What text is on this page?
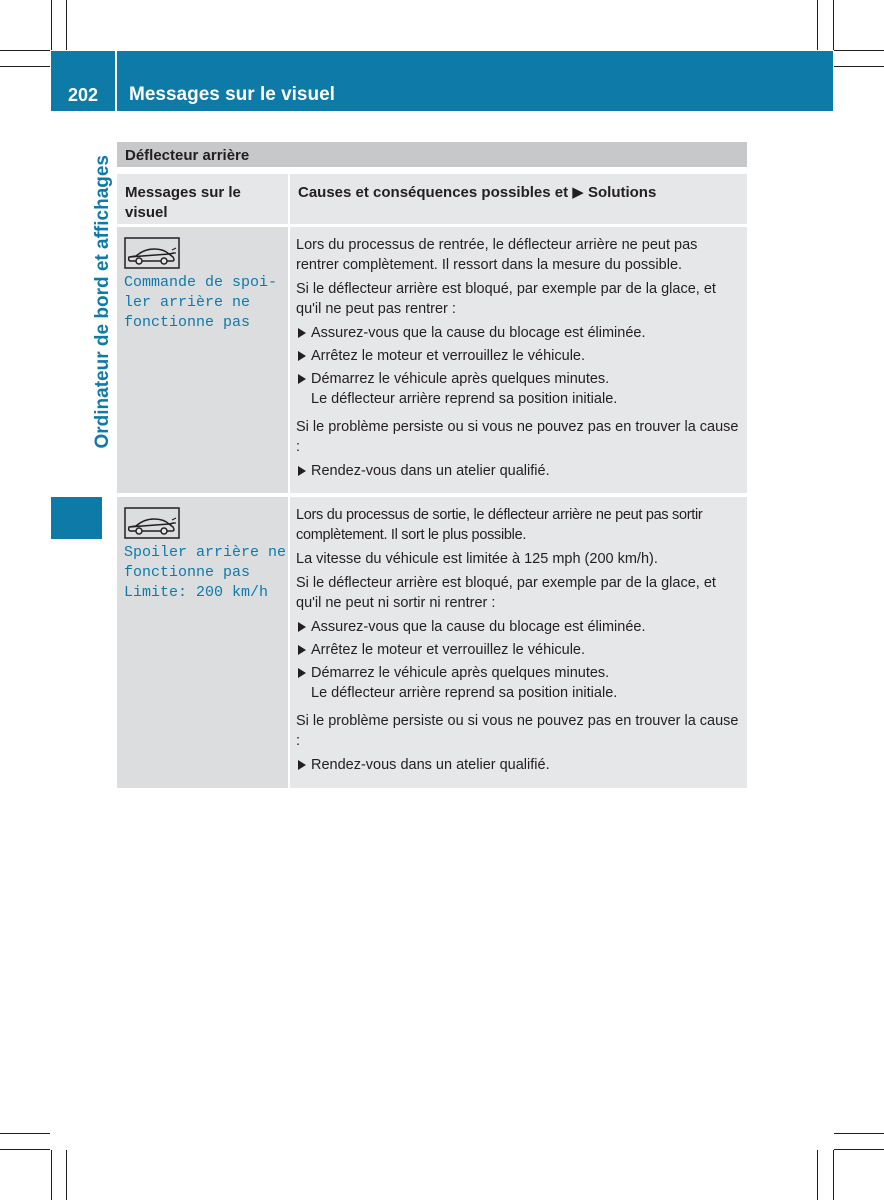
202	Messages sur le visuel
Ordinateur de bord et affichages Déflecteur arrière
Messages sur le visuel
Causes et conséquences possibles et ▶ Solutions
Commande de spoi‐
ler arrière ne
fonctionne pas

Lors du processus de rentrée, le déflecteur arrière ne peut pas rentrer complètement. Il ressort dans la mesure du possible.

Si le déflecteur arrière est bloqué, par exemple par de la glace, et qu'il ne peut pas rentrer :

Assurez-vous que la cause du blocage est éliminée.
Arrêtez le moteur et verrouillez le véhicule.
Démarrez le véhicule après quelques minutes.
Le déflecteur arrière reprend sa position initiale.

Si le problème persiste ou si vous ne pouvez pas en trouver la cause :

Rendez-vous dans un atelier qualifié.
Spoiler arrière ne
fonctionne pas
Limite: 200 km/h

Lors du processus de sortie, le déflecteur arrière ne peut pas sortir complètement. Il sort le plus possible.

La vitesse du véhicule est limitée à 125 mph (200 km/h).

Si le déflecteur arrière est bloqué, par exemple par de la glace, et qu'il ne peut ni sortir ni rentrer :

Assurez-vous que la cause du blocage est éliminée.
Arrêtez le moteur et verrouillez le véhicule.
Démarrez le véhicule après quelques minutes.
Le déflecteur arrière reprend sa position initiale.

Si le problème persiste ou si vous ne pouvez pas en trouver la cause :

Rendez-vous dans un atelier qualifié.
